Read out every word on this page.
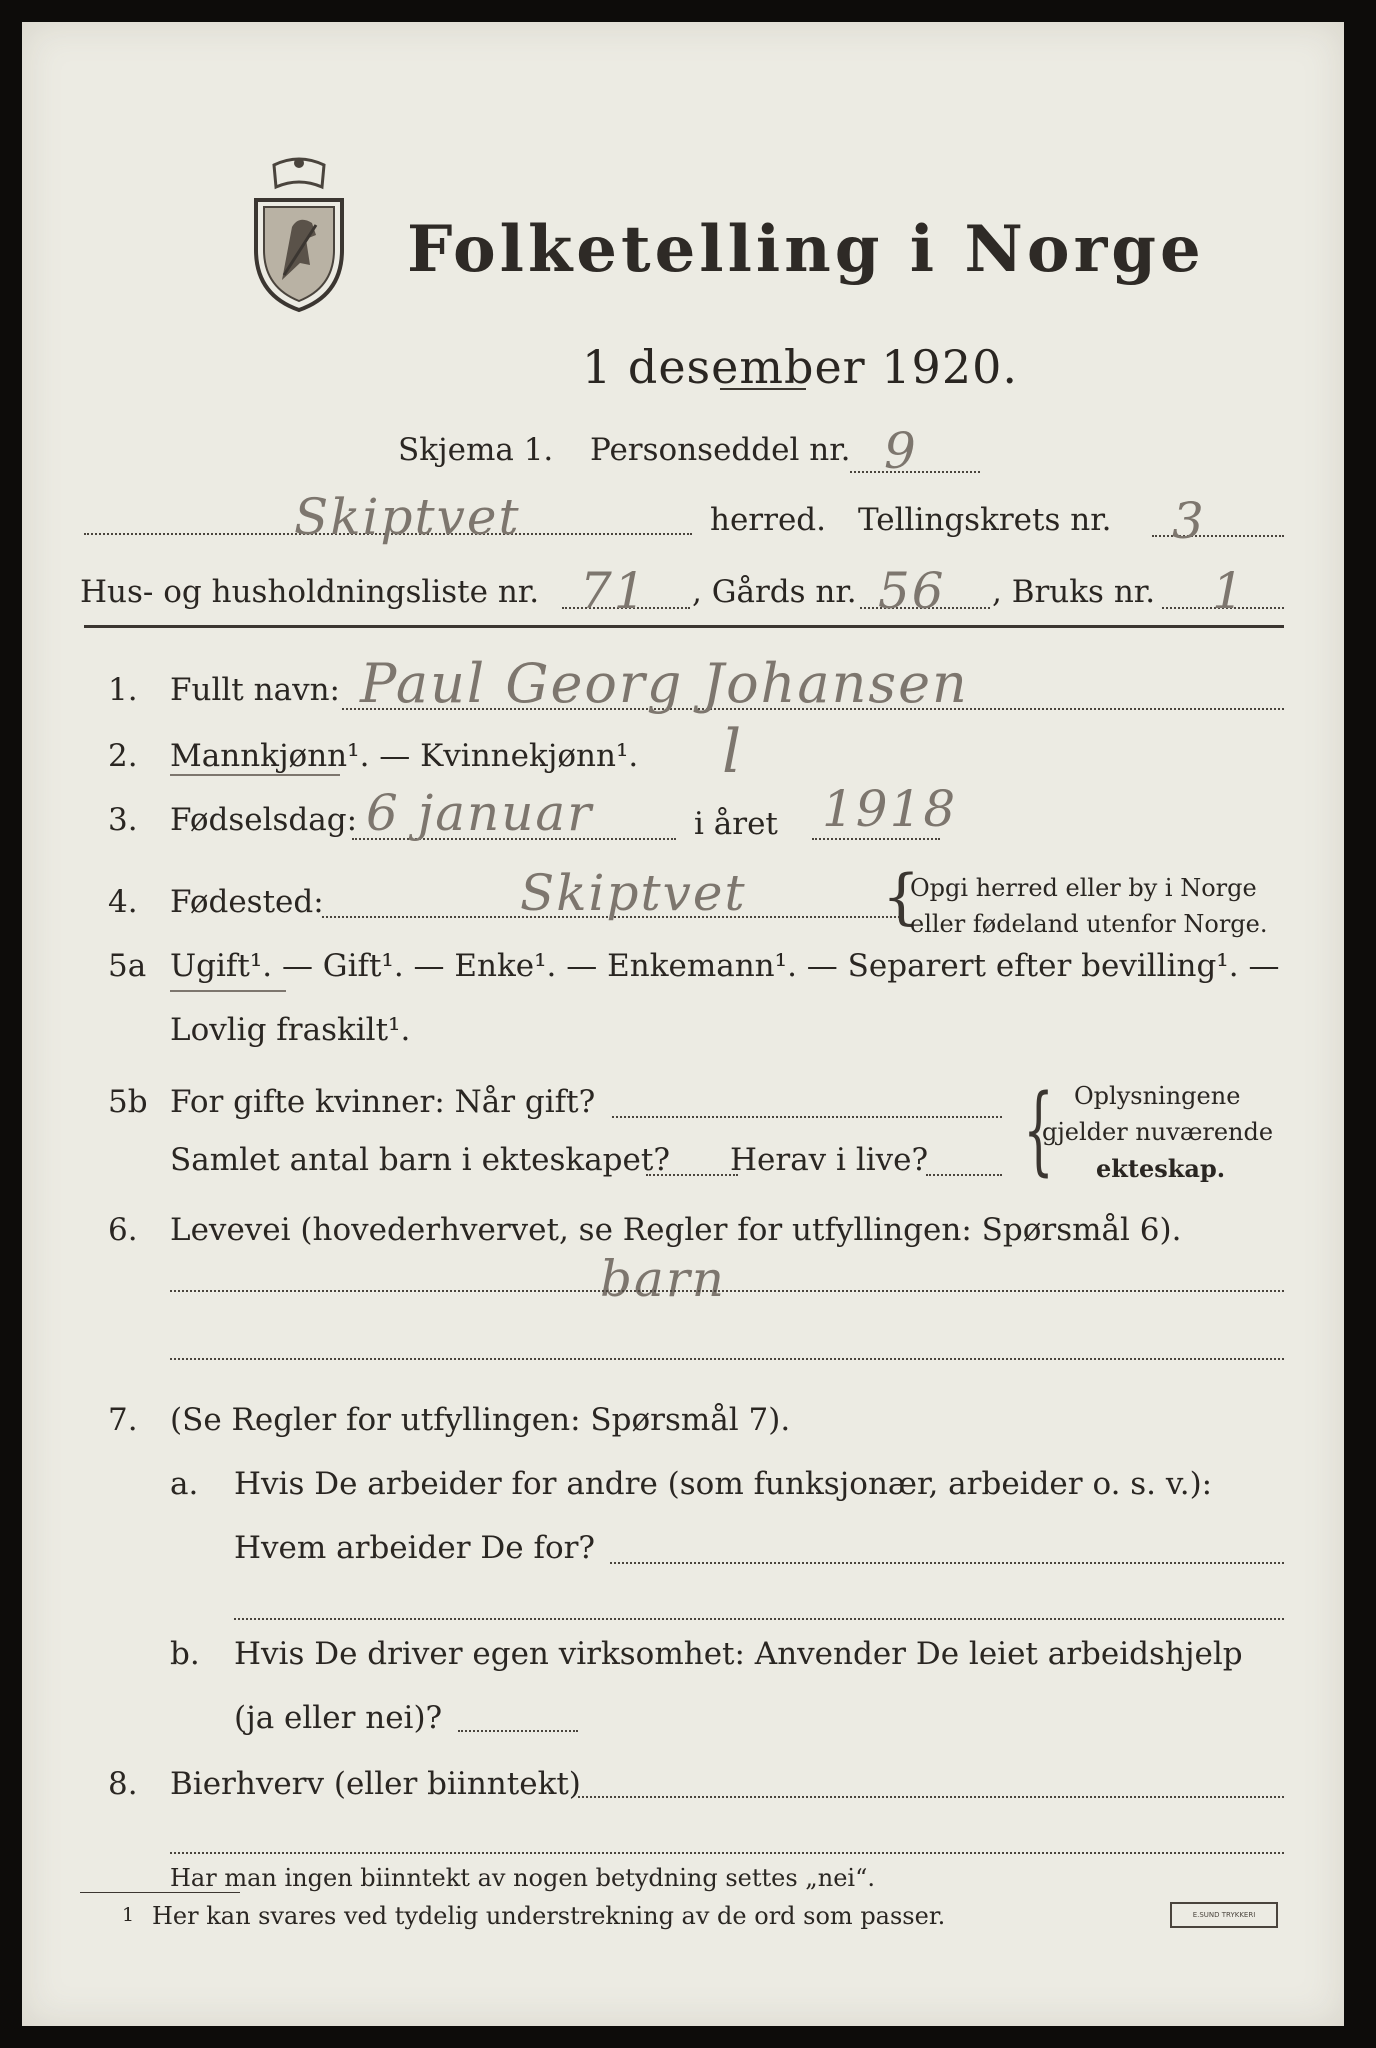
Folketelling i Norge
1 desember 1920.
Skjema 1. Personseddel nr. 9
Skiptvet	herred. Tellingskrets nr. 3
Hus- og husholdningsliste nr. 71 , Gårds nr. 56 , Bruks nr. 1
1. Fullt navn: Paul Georg Johansen
2. Mannkjønn¹. — Kvinnekjønn¹. l
3. Fødselsdag: 6 januar	i året 1918
4. Fødested:	Skiptvet {
Opgi herred eller by i Norge
eller fødeland utenfor Norge.
5a Ugift¹. — Gift¹. — Enke¹. — Enkemann¹. — Separert efter bevilling¹. —
Lovlig fraskilt¹.
5b For gifte kvinner: Når gift?
Samlet antal barn i ekteskapet? Herav i live? { Oplysningene
gjelder nuværende
ekteskap.
6. Levevei (hovederhvervet, se Regler for utfyllingen: Spørsmål 6).
barn
7. (Se Regler for utfyllingen: Spørsmål 7).
a. Hvis De arbeider for andre (som funksjonær, arbeider o. s. v.):
Hvem arbeider De for?
b. Hvis De driver egen virksomhet: Anvender De leiet arbeidshjelp
(ja eller nei)?
8. Bierhverv (eller biinntekt)
Har man ingen biinntekt av nogen betydning settes „nei“.
1 Her kan svares ved tydelig understrekning av de ord som passer.	E.SUND TRYKKERI
